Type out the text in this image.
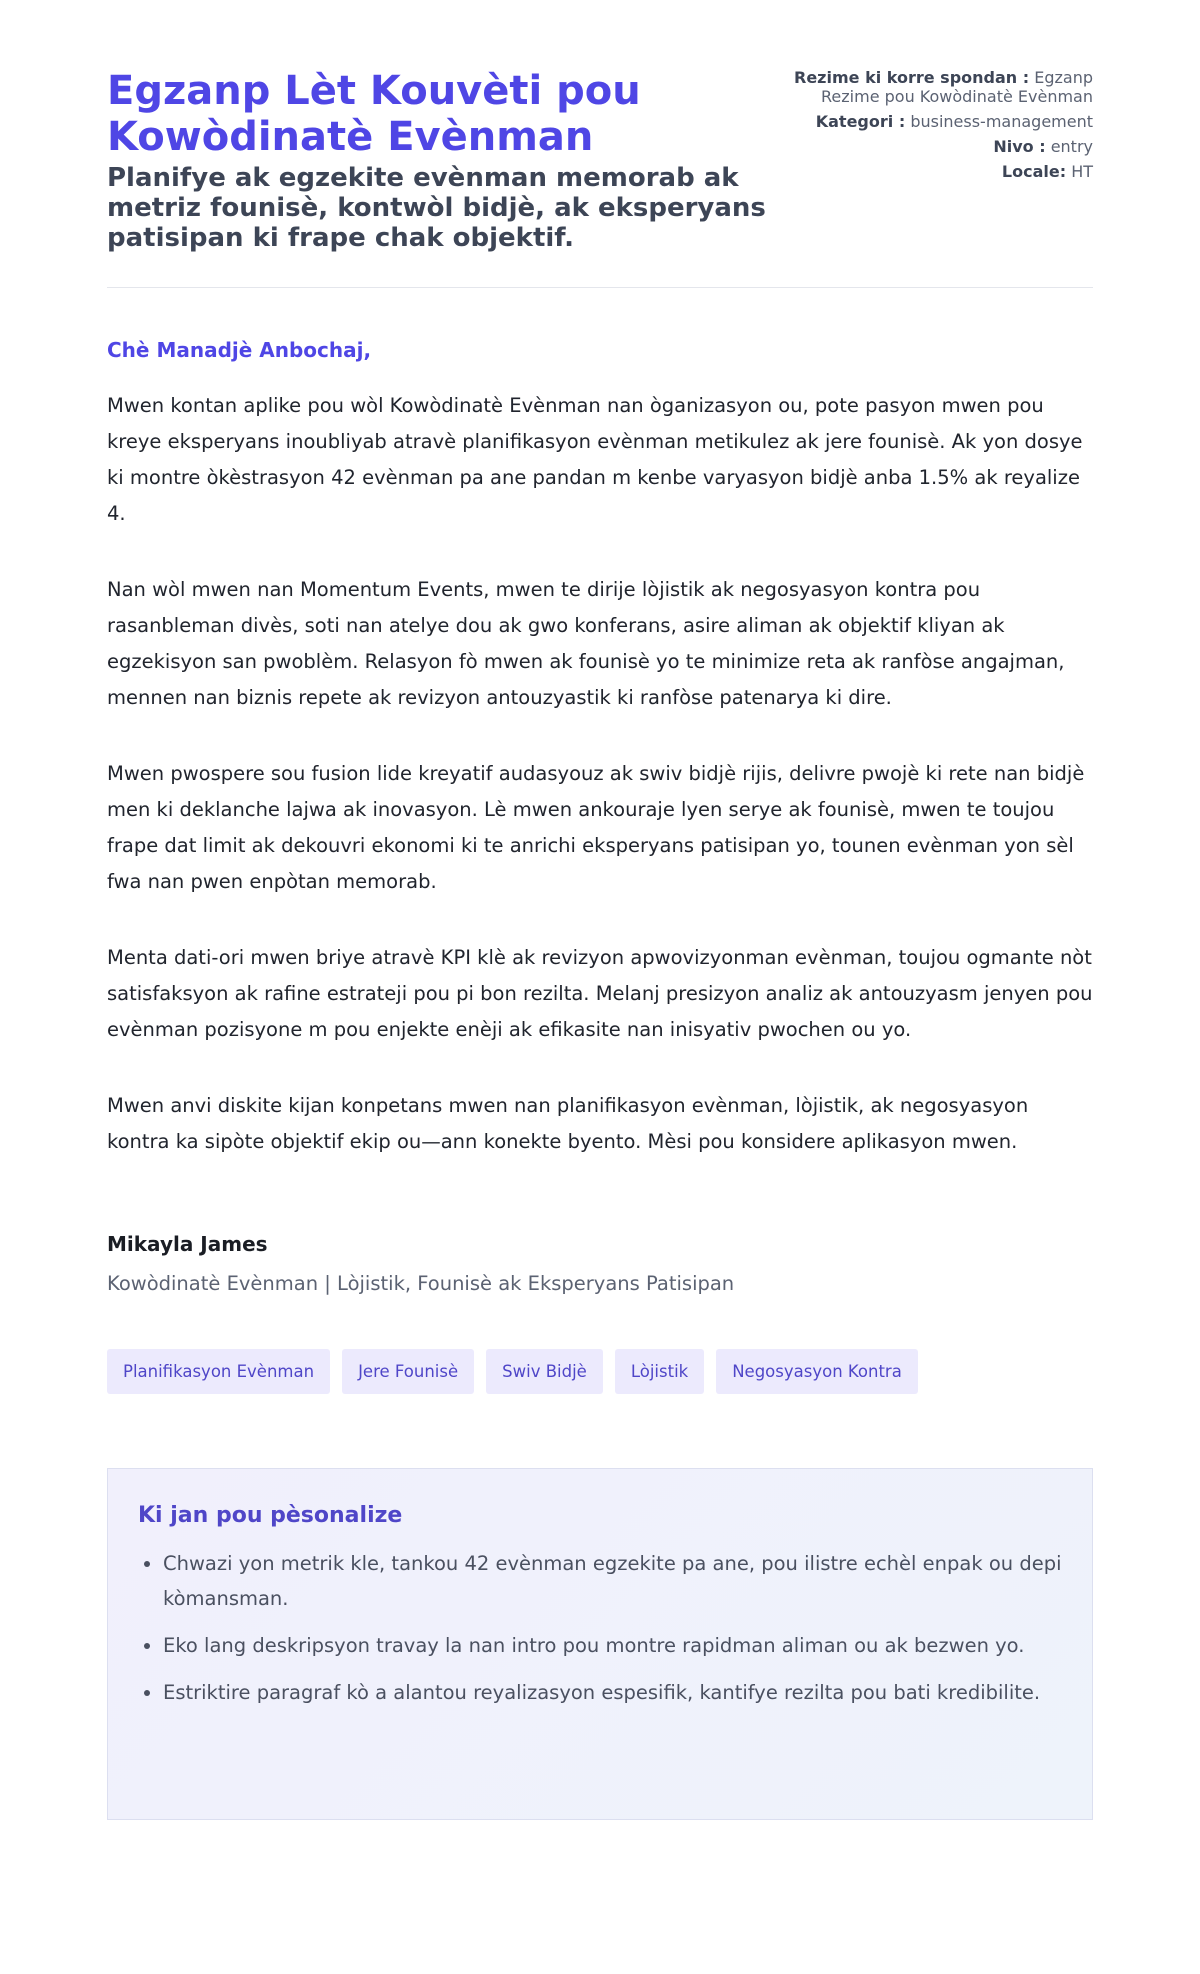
Egzanp Lèt Kouvèti pou Kowòdinatè Evènman
Planifye ak egzekite evènman memorab ak metriz founisè, kontwòl bidjè, ak eksperyans patisipan ki frape chak objektif.
Rezime ki korre spondan : Egzanp Rezime pou Kowòdinatè Evènman
Kategori : business-management
Nivo : entry
Locale: HT

Chè Manadjè Anbochaj,

Mwen kontan aplike pou wòl Kowòdinatè Evènman nan òganizasyon ou, pote pasyon mwen pou kreye eksperyans inoubliyab atravè planifikasyon evènman metikulez ak jere founisè. Ak yon dosye ki montre òkèstrasyon 42 evènman pa ane pandan m kenbe varyasyon bidjè anba 1.5% ak reyalize 4.

Nan wòl mwen nan Momentum Events, mwen te dirije lòjistik ak negosyasyon kontra pou rasanbleman divès, soti nan atelye dou ak gwo konferans, asire aliman ak objektif kliyan ak egzekisyon san pwoblèm. Relasyon fò mwen ak founisè yo te minimize reta ak ranfòse angajman, mennen nan biznis repete ak revizyon antouzyastik ki ranfòse patenarya ki dire.

Mwen pwospere sou fusion lide kreyatif audasyouz ak swiv bidjè rijis, delivre pwojè ki rete nan bidjè men ki deklanche lajwa ak inovasyon. Lè mwen ankouraje lyen serye ak founisè, mwen te toujou frape dat limit ak dekouvri ekonomi ki te anrichi eksperyans patisipan yo, tounen evènman yon sèl fwa nan pwen enpòtan memorab.

Menta dati-ori mwen briye atravè KPI klè ak revizyon apwovizyonman evènman, toujou ogmante nòt satisfaksyon ak rafine estrateji pou pi bon rezilta. Melanj presizyon analiz ak antouzyasm jenyen pou evènman pozisyone m pou enjekte enèji ak efikasite nan inisyativ pwochen ou yo.

Mwen anvi diskite kijan konpetans mwen nan planifikasyon evènman, lòjistik, ak negosyasyon kontra ka sipòte objektif ekip ou—ann konekte byento. Mèsi pou konsidere aplikasyon mwen.

Mikayla James

Kowòdinatè Evènman | Lòjistik, Founisè ak Eksperyans Patisipan
Planifikasyon Evènman	Jere Founisè	Swiv Bidjè	Lòjistik	Negosyasyon Kontra
Ki jan pou pèsonalize
• Chwazi yon metrik kle, tankou 42 evènman egzekite pa ane, pou ilistre echèl enpak ou depi kòmansman.
• Eko lang deskripsyon travay la nan intro pou montre rapidman aliman ou ak bezwen yo.
• Estriktire paragraf kò a alantou reyalizasyon espesifik, kantifye rezilta pou bati kredibilite.
